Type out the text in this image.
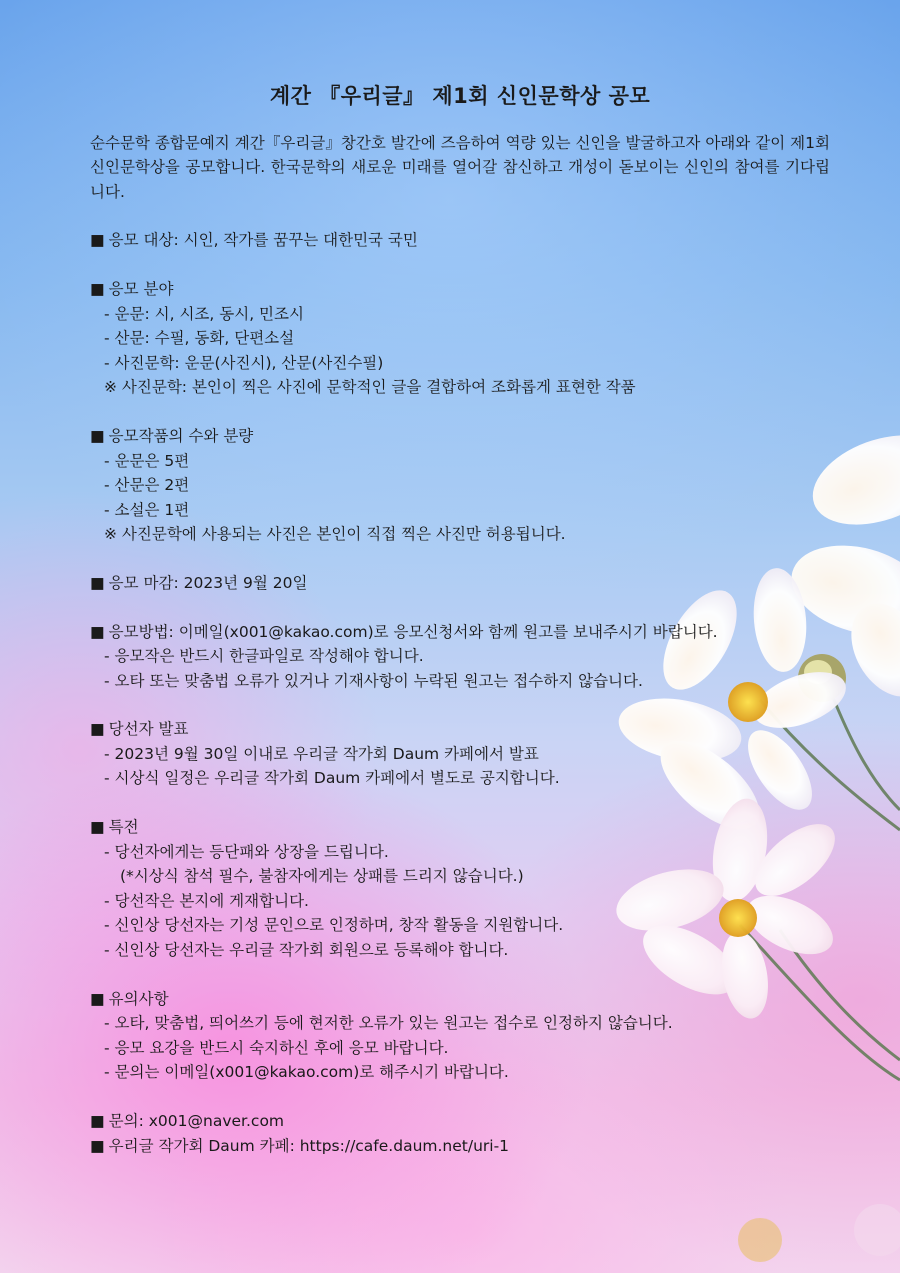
계간 『우리글』 제1회 신인문학상 공모
순수문학 종합문예지 계간『우리글』창간호 발간에 즈음하여 역량 있는 신인을 발굴하고자 아래와 같이 제1회 신인문학상을 공모합니다. 한국문학의 새로운 미래를 열어갈 참신하고 개성이 돋보이는 신인의 참여를 기다립니다.
■ 응모 대상: 시인, 작가를 꿈꾸는 대한민국 국민
■ 응모 분야
- 운문: 시, 시조, 동시, 민조시
- 산문: 수필, 동화, 단편소설
- 사진문학: 운문(사진시), 산문(사진수필)
※ 사진문학: 본인이 찍은 사진에 문학적인 글을 결합하여 조화롭게 표현한 작품
■ 응모작품의 수와 분량
- 운문은 5편
- 산문은 2편
- 소설은 1편
※ 사진문학에 사용되는 사진은 본인이 직접 찍은 사진만 허용됩니다.
■ 응모 마감: 2023년 9월 20일
■ 응모방법: 이메일(x001@kakao.com)로 응모신청서와 함께 원고를 보내주시기 바랍니다.
- 응모작은 반드시 한글파일로 작성해야 합니다.
- 오타 또는 맞춤법 오류가 있거나 기재사항이 누락된 원고는 접수하지 않습니다.
■ 당선자 발표
- 2023년 9월 30일 이내로 우리글 작가회 Daum 카페에서 발표
- 시상식 일정은 우리글 작가회 Daum 카페에서 별도로 공지합니다.
■ 특전
- 당선자에게는 등단패와 상장을 드립니다.
(*시상식 참석 필수, 불참자에게는 상패를 드리지 않습니다.)
- 당선작은 본지에 게재합니다.
- 신인상 당선자는 기성 문인으로 인정하며, 창작 활동을 지원합니다.
- 신인상 당선자는 우리글 작가회 회원으로 등록해야 합니다.
■ 유의사항
- 오타, 맞춤법, 띄어쓰기 등에 현저한 오류가 있는 원고는 접수로 인정하지 않습니다.
- 응모 요강을 반드시 숙지하신 후에 응모 바랍니다.
- 문의는 이메일(x001@kakao.com)로 해주시기 바랍니다.
■ 문의: x001@naver.com
■ 우리글 작가회 Daum 카페: https://cafe.daum.net/uri-1
